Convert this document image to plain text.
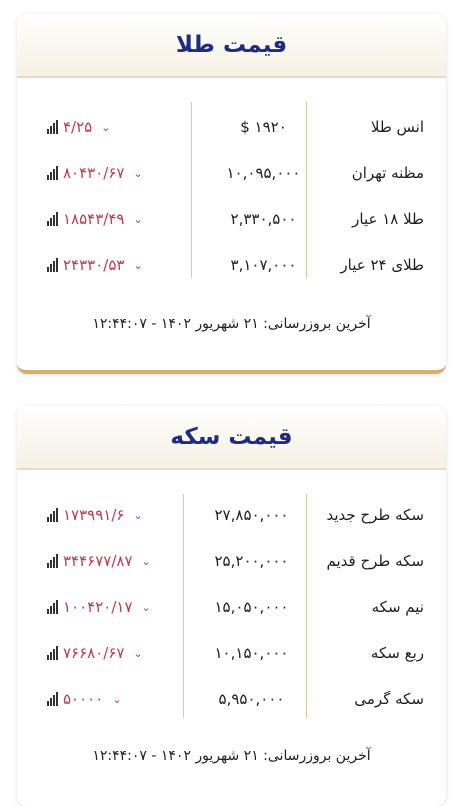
قیمت طلا
انس طلا
$ ۱۹۲۰
۴/۲۵ ⌄
مظنه تهران
۱۰,۰۹۵,۰۰۰
۸۰۴۳۰/۶۷ ⌄
طلا ۱۸ عیار
۲,۳۳۰,۵۰۰
۱۸۵۴۳/۴۹ ⌄
طلای ۲۴ عیار
۳,۱۰۷,۰۰۰
۲۴۳۳۰/۵۳ ⌄
آخرین بروزرسانی: ۲۱ شهریور ۱۴۰۲ - ۱۲:۴۴:۰۷
قیمت سکه
سکه طرح جدید
۲۷,۸۵۰,۰۰۰
۱۷۳۹۹۱/۶ ⌄
سکه طرح قدیم
۲۵,۲۰۰,۰۰۰
۳۴۴۶۷۷/۸۷ ⌄
نیم سکه
۱۵,۰۵۰,۰۰۰
۱۰۰۴۲۰/۱۷ ⌄
ربع سکه
۱۰,۱۵۰,۰۰۰
۷۶۶۸۰/۶۷ ⌄
سکه گرمی
۵,۹۵۰,۰۰۰
۵۰۰۰۰ ⌄
آخرین بروزرسانی: ۲۱ شهریور ۱۴۰۲ - ۱۲:۴۴:۰۷
